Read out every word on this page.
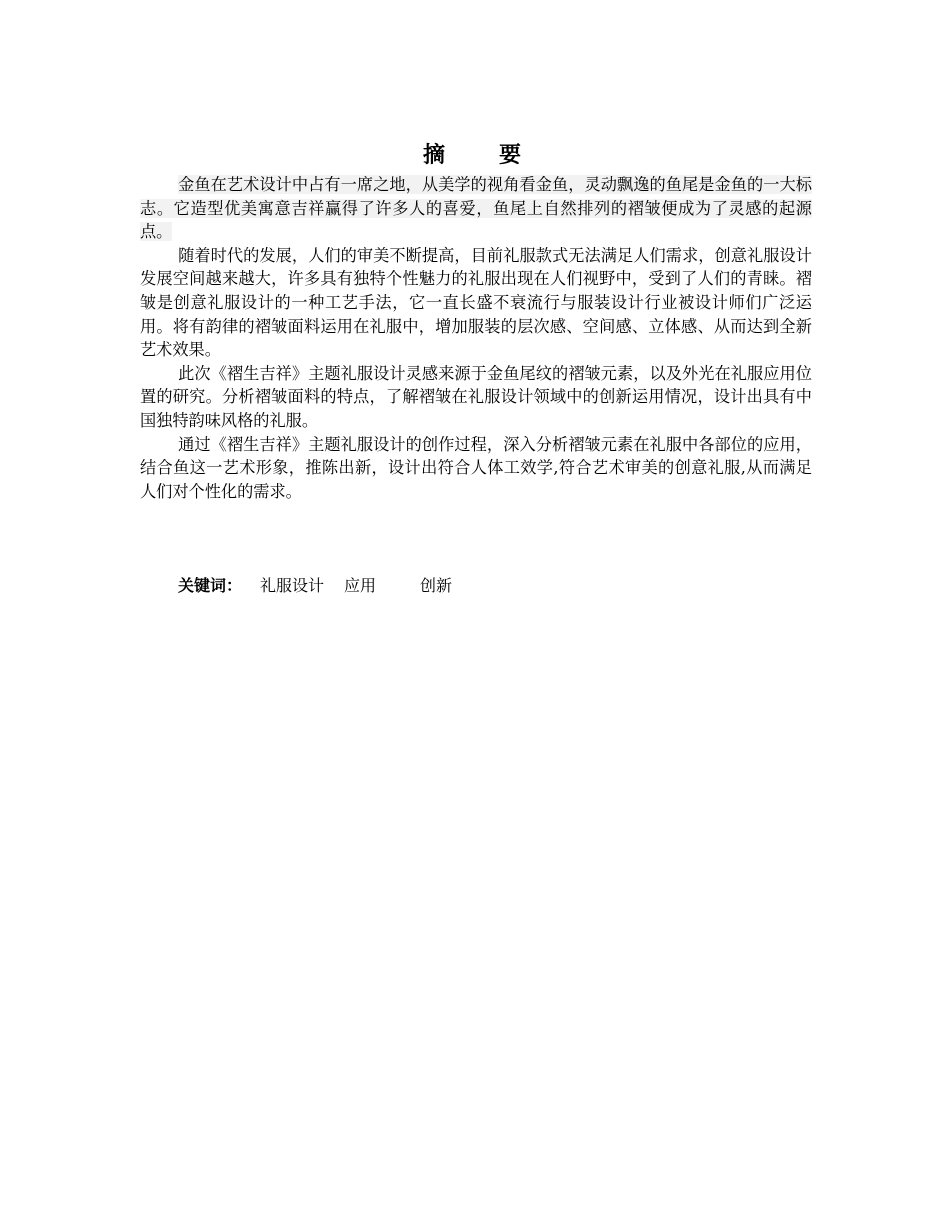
摘　要

金鱼在艺术设计中占有一席之地，从美学的视角看金鱼，灵动飘逸的鱼尾是金鱼的一大标志。它造型优美寓意吉祥赢得了许多人的喜爱，鱼尾上自然排列的褶皱便成为了灵感的起源点。

随着时代的发展，人们的审美不断提高，目前礼服款式无法满足人们需求，创意礼服设计发展空间越来越大，许多具有独特个性魅力的礼服出现在人们视野中，受到了人们的青睐。褶皱是创意礼服设计的一种工艺手法，它一直长盛不衰流行与服装设计行业被设计师们广泛运用。将有韵律的褶皱面料运用在礼服中，增加服装的层次感、空间感、立体感、从而达到全新艺术效果。

此次《褶生吉祥》主题礼服设计灵感来源于金鱼尾纹的褶皱元素，以及外光在礼服应用位置的研究。分析褶皱面料的特点，了解褶皱在礼服设计领域中的创新运用情况，设计出具有中国独特韵味风格的礼服。

通过《褶生吉祥》主题礼服设计的创作过程，深入分析褶皱元素在礼服中各部位的应用，结合鱼这一艺术形象，推陈出新，设计出符合人体工效学,符合艺术审美的创意礼服,从而满足人们对个性化的需求。

关键词： 礼服设计 应用	创新
